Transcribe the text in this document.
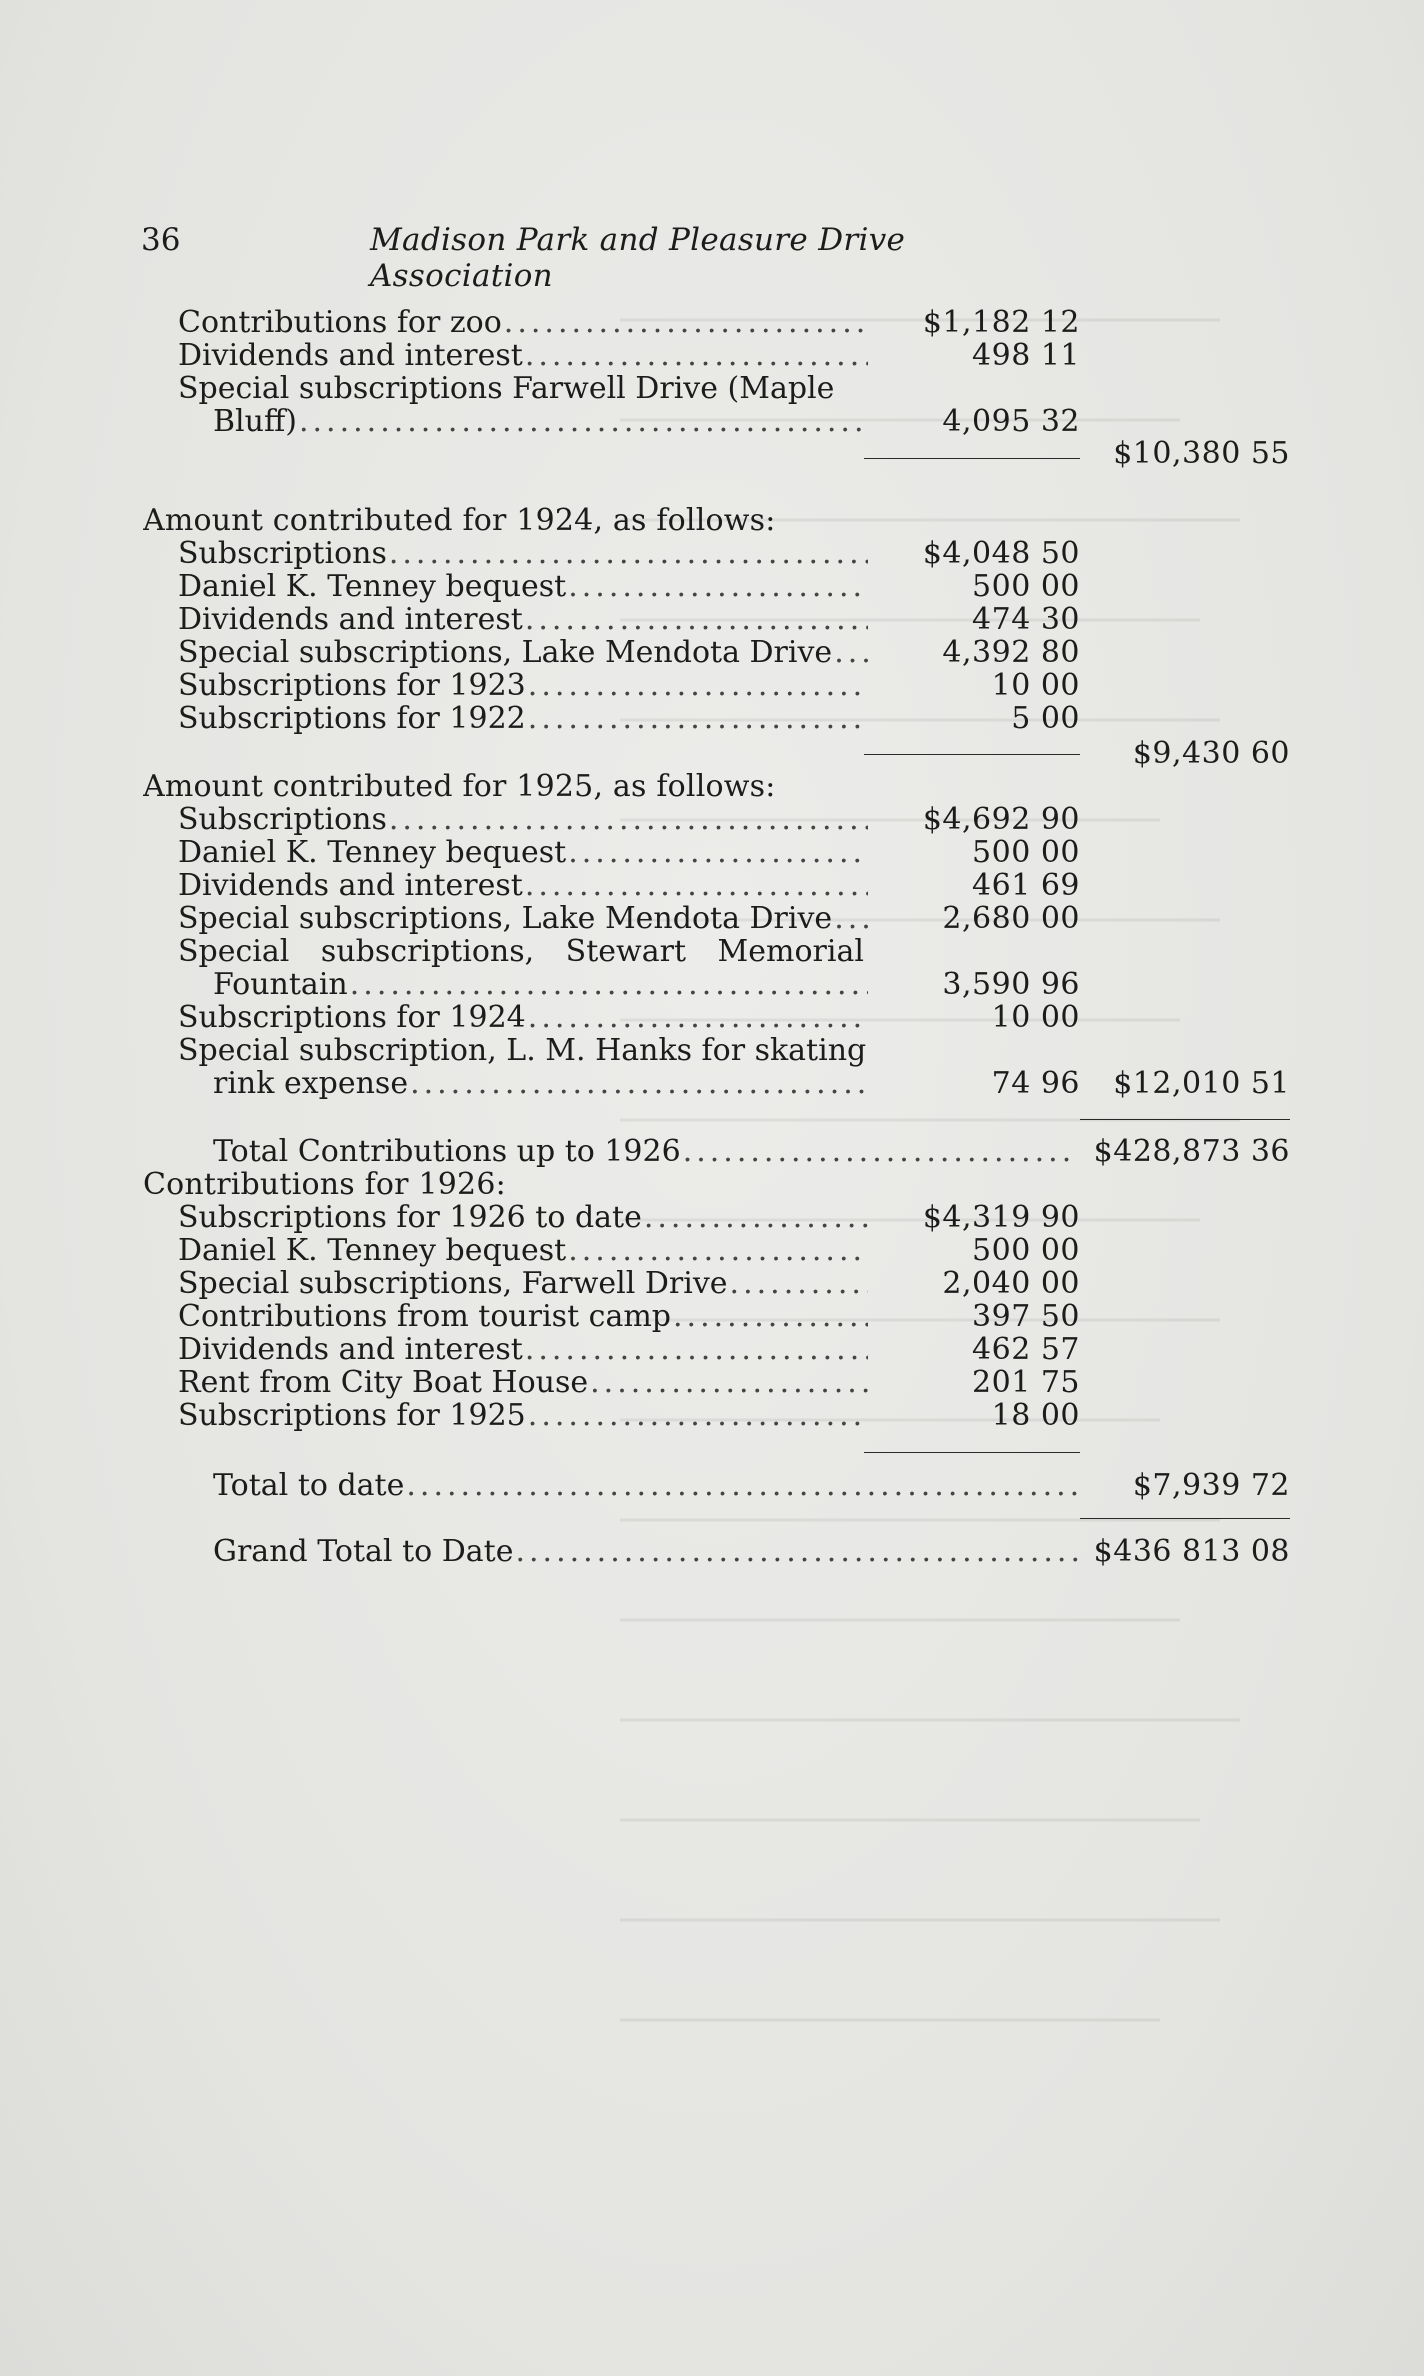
36	Madison Park and Pleasure Drive Association
Contributions for zoo .....	$1,182 12
Dividends and interest .....	498 11
Special subscriptions Farwell Drive (Maple
Bluff) .....	4,095 32
$10,380 55
Amount contributed for 1924, as follows:
Subscriptions .....	$4,048 50
Daniel K. Tenney bequest .....	500 00
Dividends and interest .....	474 30
Special subscriptions, Lake Mendota Drive .....	4,392 80
Subscriptions for 1923 .....	10 00
Subscriptions for 1922 .....	5 00
$9,430 60
Amount contributed for 1925, as follows:
Subscriptions .....	$4,692 90
Daniel K. Tenney bequest .....	500 00
Dividends and interest .....	461 69
Special subscriptions, Lake Mendota Drive .....	2,680 00
Special subscriptions, Stewart Memorial
Fountain .....	3,590 96
Subscriptions for 1924 .....	10 00
Special subscription, L. M. Hanks for skating
rink expense .....	74 96	$12,010 51
Total Contributions up to 1926 .....	$428,873 36
Contributions for 1926:
Subscriptions for 1926 to date .....	$4,319 90
Daniel K. Tenney bequest .....	500 00
Special subscriptions, Farwell Drive .....	2,040 00
Contributions from tourist camp .....	397 50
Dividends and interest .....	462 57
Rent from City Boat House .....	201 75
Subscriptions for 1925 .....	18 00
Total to date .....	$7,939 72
Grand Total to Date .....	$436 813 08
